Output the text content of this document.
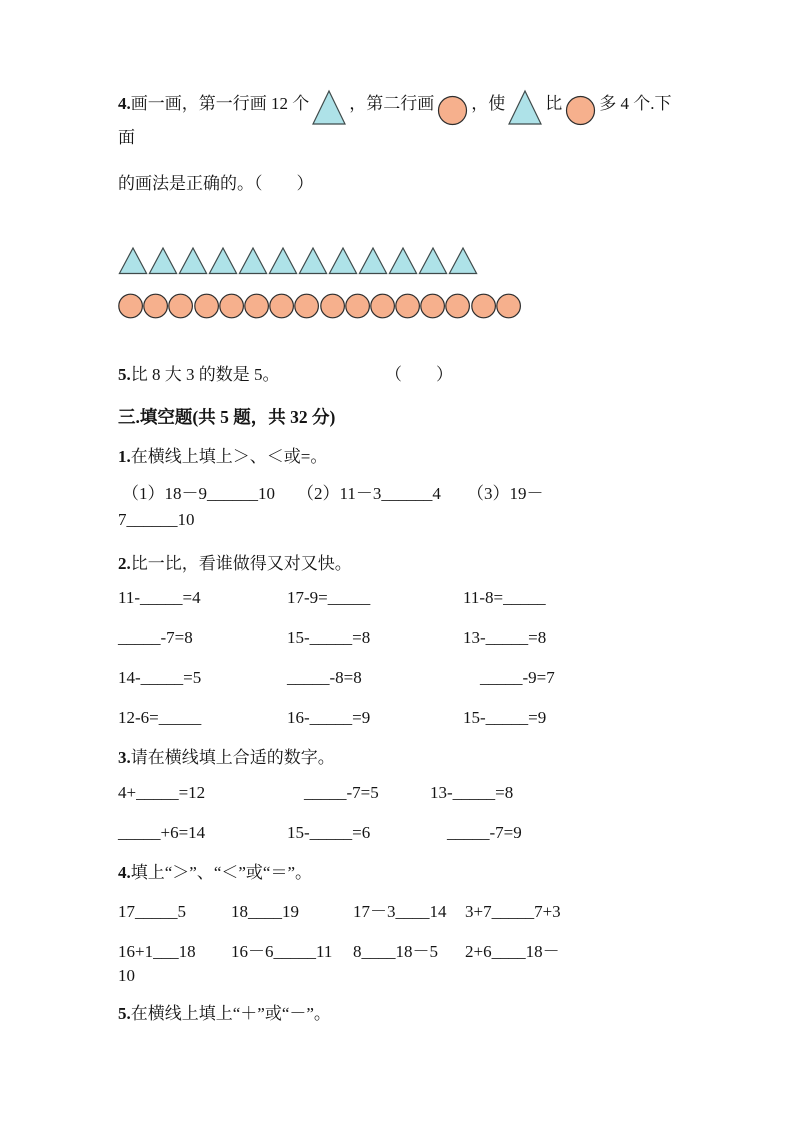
4.画一画，第一行画 12 个 ，第二行画 ，使 比 多 4 个.下面
的画法是正确的。（　　）
5.比 8 大 3 的数是 5。	（　　）
三.填空题(共 5 题，共 32 分)
1.在横线上填上＞、＜或=。
（1）18－9______10	（2）11－3______4	（3）19－
7______10
2.比一比，看谁做得又对又快。
11-_____=4	17-9=_____	11-8=_____
_____-7=8	15-_____=8	13-_____=8
14-_____=5	_____-8=8	　_____-9=7
12-6=_____	16-_____=9	15-_____=9
3.请在横线填上合适的数字。
4+_____=12	　_____-7=5	13-_____=8
_____+6=14	15-_____=6	　_____-7=9
4.填上“＞”、“＜”或“＝”。
17_____5	18____19	17－3____14	3+7_____7+3
16+1___18	16－6_____11	8____18－5	2+6____18－
10
5.在横线上填上“＋”或“－”。
